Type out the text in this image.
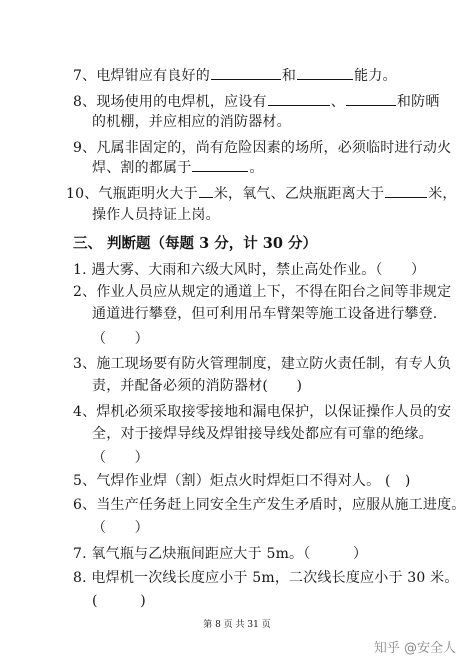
7、电焊钳应有良好的	和	能力。
8、现场使用的电焊机，应设有	、	和防晒
的机棚，并应相应的消防器材。
9、凡属非固定的，尚有危险因素的场所，必须临时进行动火
焊、割的都属于	。
10、气瓶距明火大于 米，氧气、乙炔瓶距离大于	米，
操作人员持证上岗。
三、 判断题（每题 3 分，计 30 分）
1. 遇大雾、大雨和六级大风时，禁止高处作业。（　　）
2、作业人员应从规定的通道上下，不得在阳台之间等非规定
通道进行攀登，但可利用吊车臂架等施工设备进行攀登.
（　　）
3、施工现场要有防火管理制度，建立防火责任制，有专人负
责，并配备必须的消防器材(　　)
4、焊机必须采取接零接地和漏电保护，以保证操作人员的安
全，对于接焊导线及焊钳接导线处都应有可靠的绝缘。
（　　）
5、气焊作业焊（割）炬点火时焊炬口不得对人。 (　)
6、当生产任务赶上同安全生产发生矛盾时，应服从施工进度。
（　　）
7. 氧气瓶与乙炔瓶间距应大于 5m。（　　　）
8. 电焊机一次线长度应小于 5m，二次线长度应小于 30 米。
(　　　)
第 8 页 共 31 页
知乎 @安全人
